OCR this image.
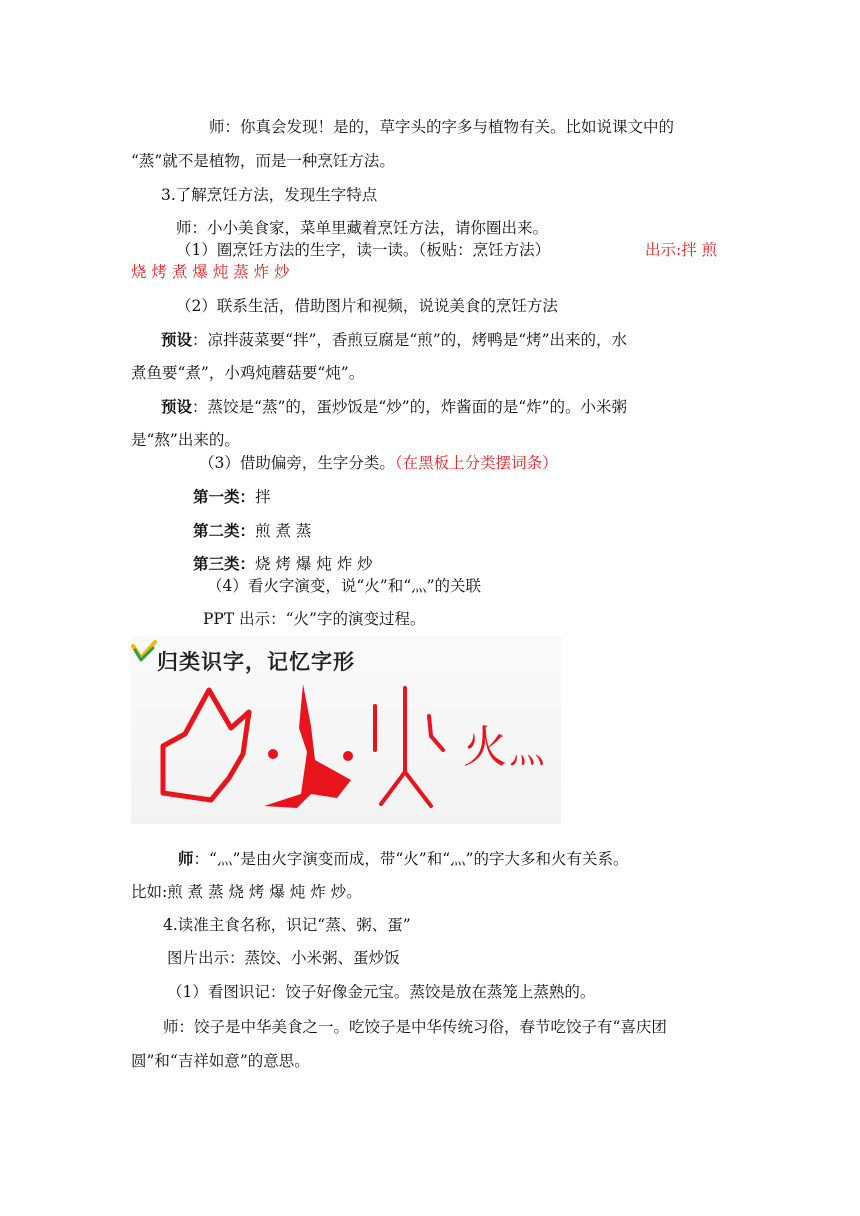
师：你真会发现！是的，草字头的字多与植物有关。比如说课文中的
“蒸”就不是植物，而是一种烹饪方法。
3.了解烹饪方法，发现生字特点
师：小小美食家，菜单里藏着烹饪方法，请你圈出来。
（1）圈烹饪方法的生字，读一读。（板贴：烹饪方法）	出示:拌 煎
烧 烤 煮 爆 炖 蒸 炸 炒
（2）联系生活，借助图片和视频，说说美食的烹饪方法
预设：凉拌菠菜要“拌”，香煎豆腐是“煎”的，烤鸭是“烤”出来的，水
煮鱼要“煮”，小鸡炖蘑菇要“炖”。
预设：蒸饺是“蒸”的，蛋炒饭是“炒”的，炸酱面的是“炸”的。小米粥
是“熬”出来的。
（3）借助偏旁，生字分类。（在黑板上分类摆词条）
第一类：拌
第二类：煎 煮 蒸
第三类：烧 烤 爆 炖 炸 炒
（4）看火字演变，说“火”和“灬”的关联
PPT 出示：“火”字的演变过程。
归类识字，记忆字形
火 灬
师：“灬”是由火字演变而成，带“火”和“灬”的字大多和火有关系。
比如:煎 煮 蒸 烧 烤 爆 炖 炸 炒。
4.读准主食名称，识记“蒸、粥、蛋”
图片出示：蒸饺、小米粥、蛋炒饭
（1）看图识记：饺子好像金元宝。蒸饺是放在蒸笼上蒸熟的。
师：饺子是中华美食之一。吃饺子是中华传统习俗，春节吃饺子有“喜庆团
圆”和“吉祥如意”的意思。
